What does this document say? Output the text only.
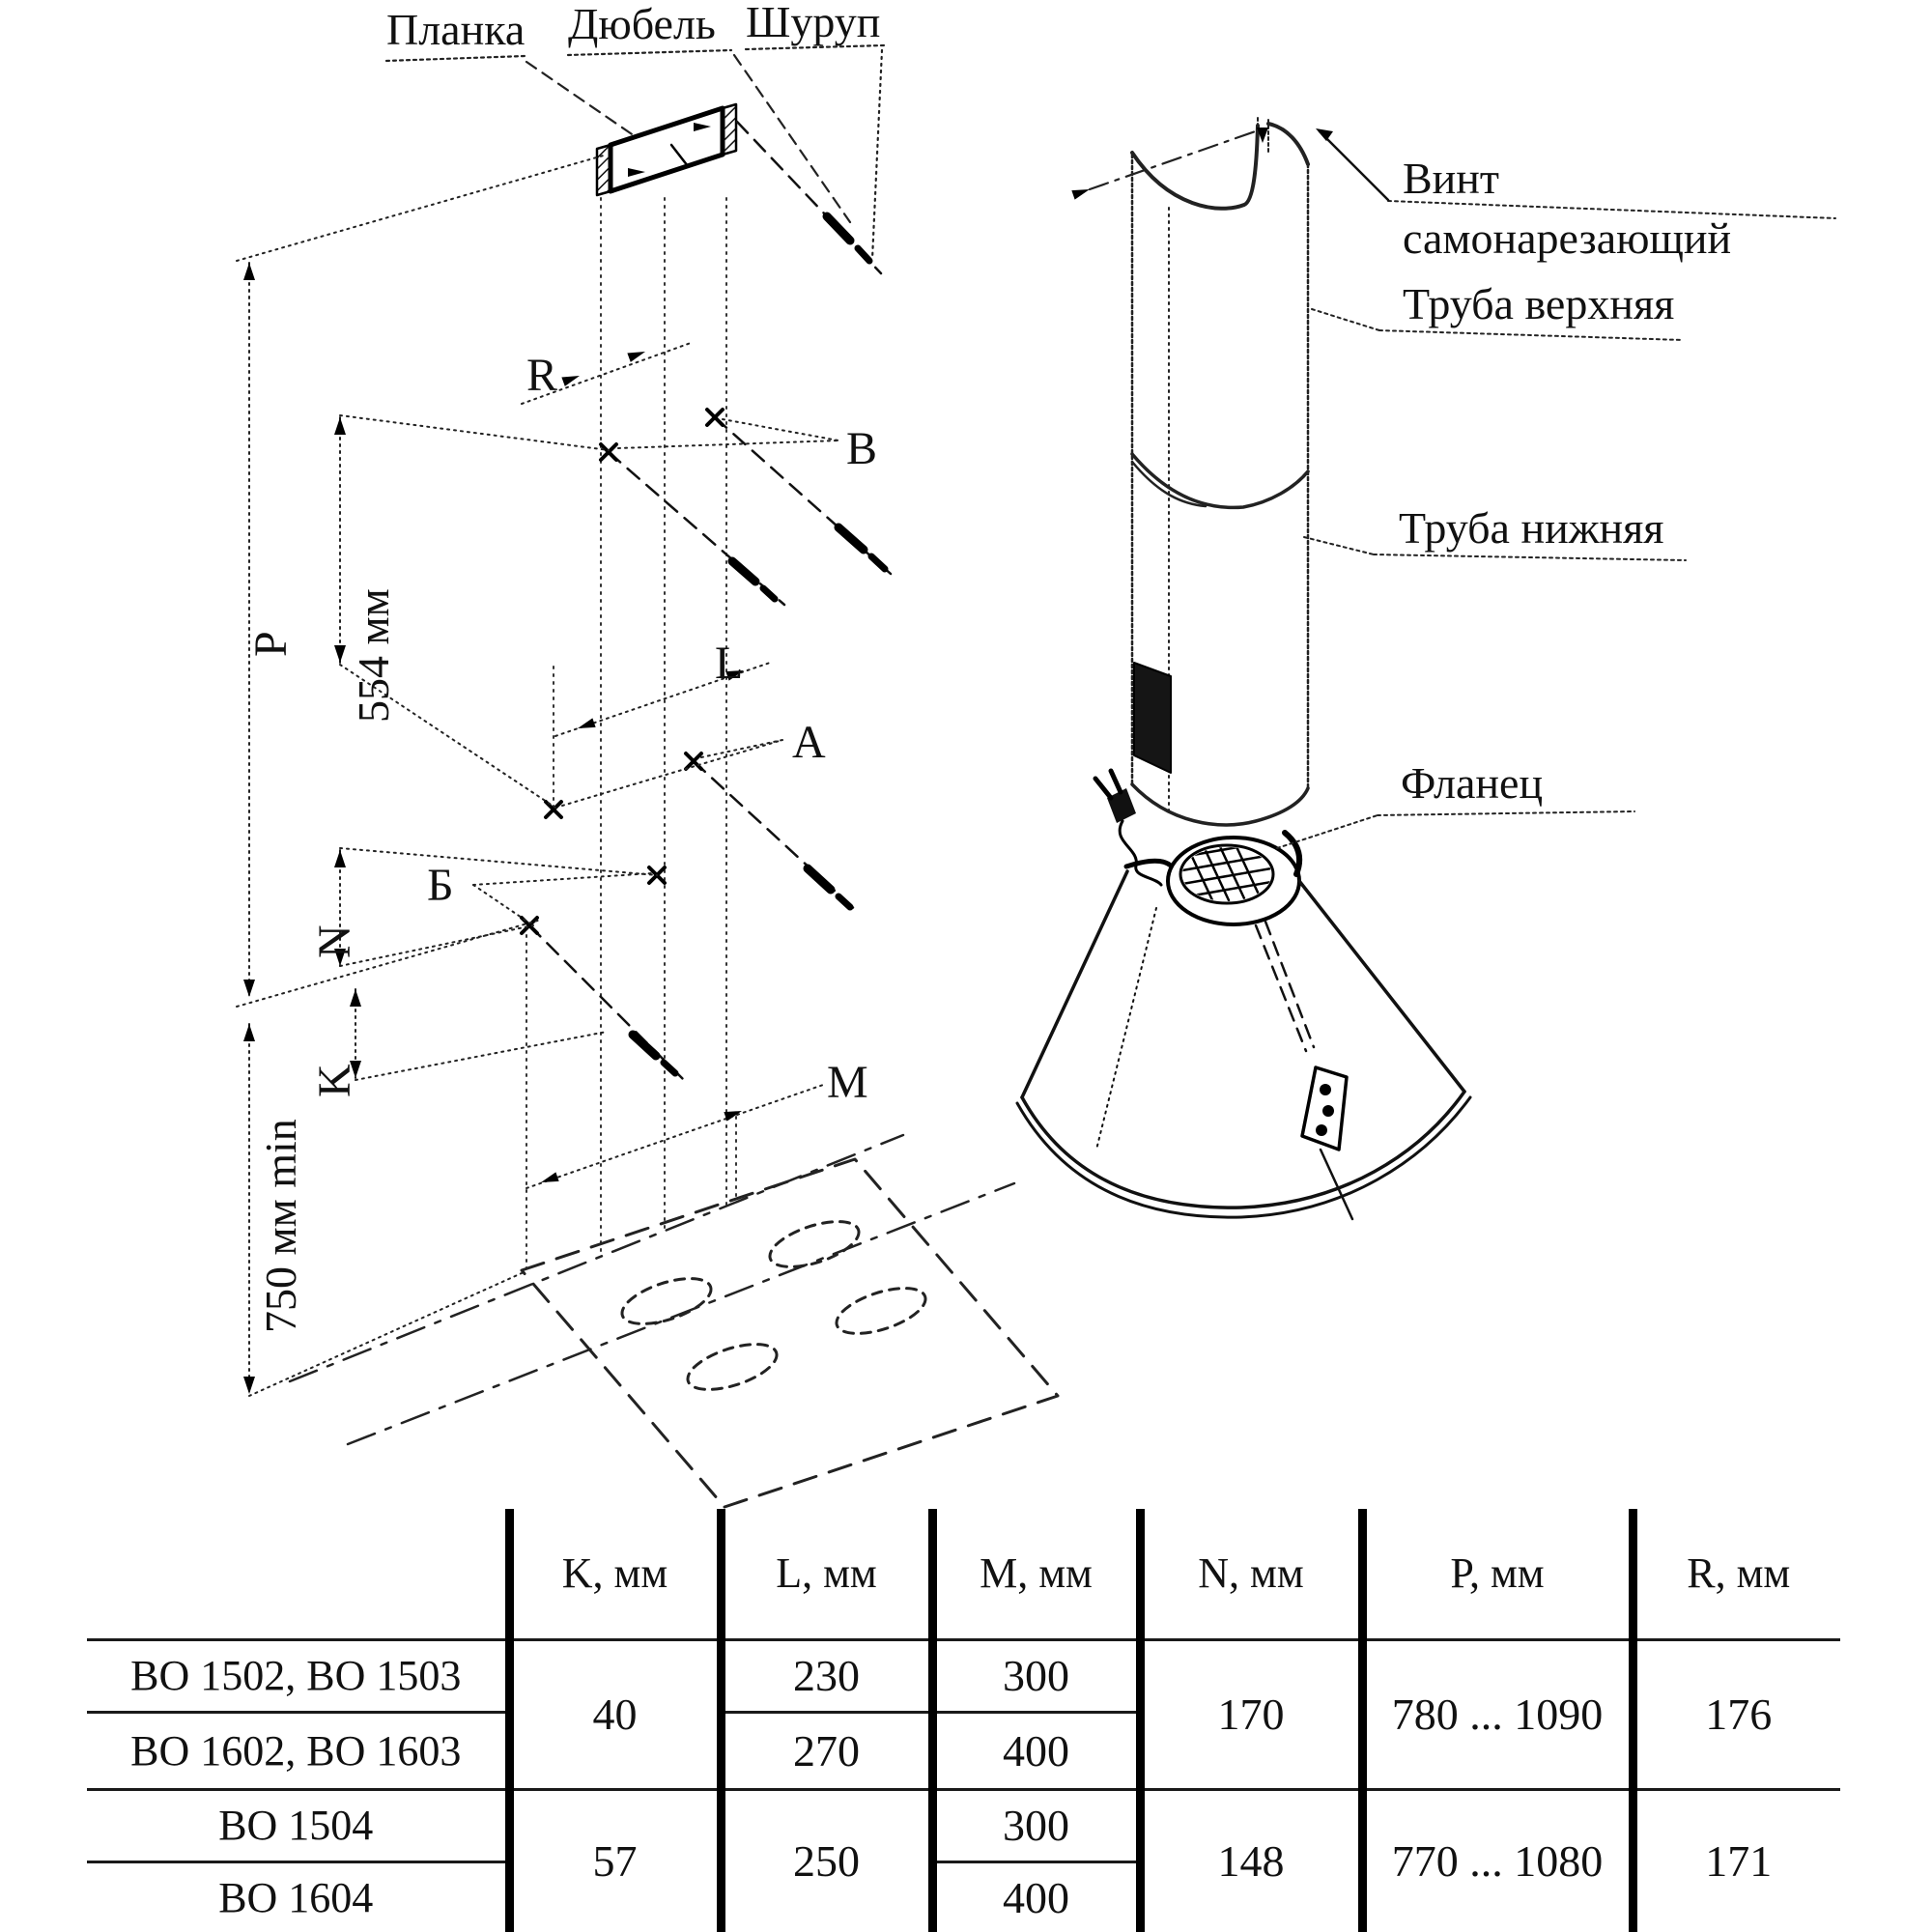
Планка Дюбель Шуруп
R
B
P 554 мм	L
A
Б
N
K	M
750 мм min
Винт
самонарезающий
Труба верхняя
Труба нижняя
Фланец
	K, мм	L, мм	M, мм	N, мм	P, мм	R, мм
ВО 1502, ВО 1503	40	230	300	170	780 ... 1090	176
ВО 1602, ВО 1603		270	400			
ВО 1504	57	250	300	148	770 ... 1080	171
ВО 1604			400			
